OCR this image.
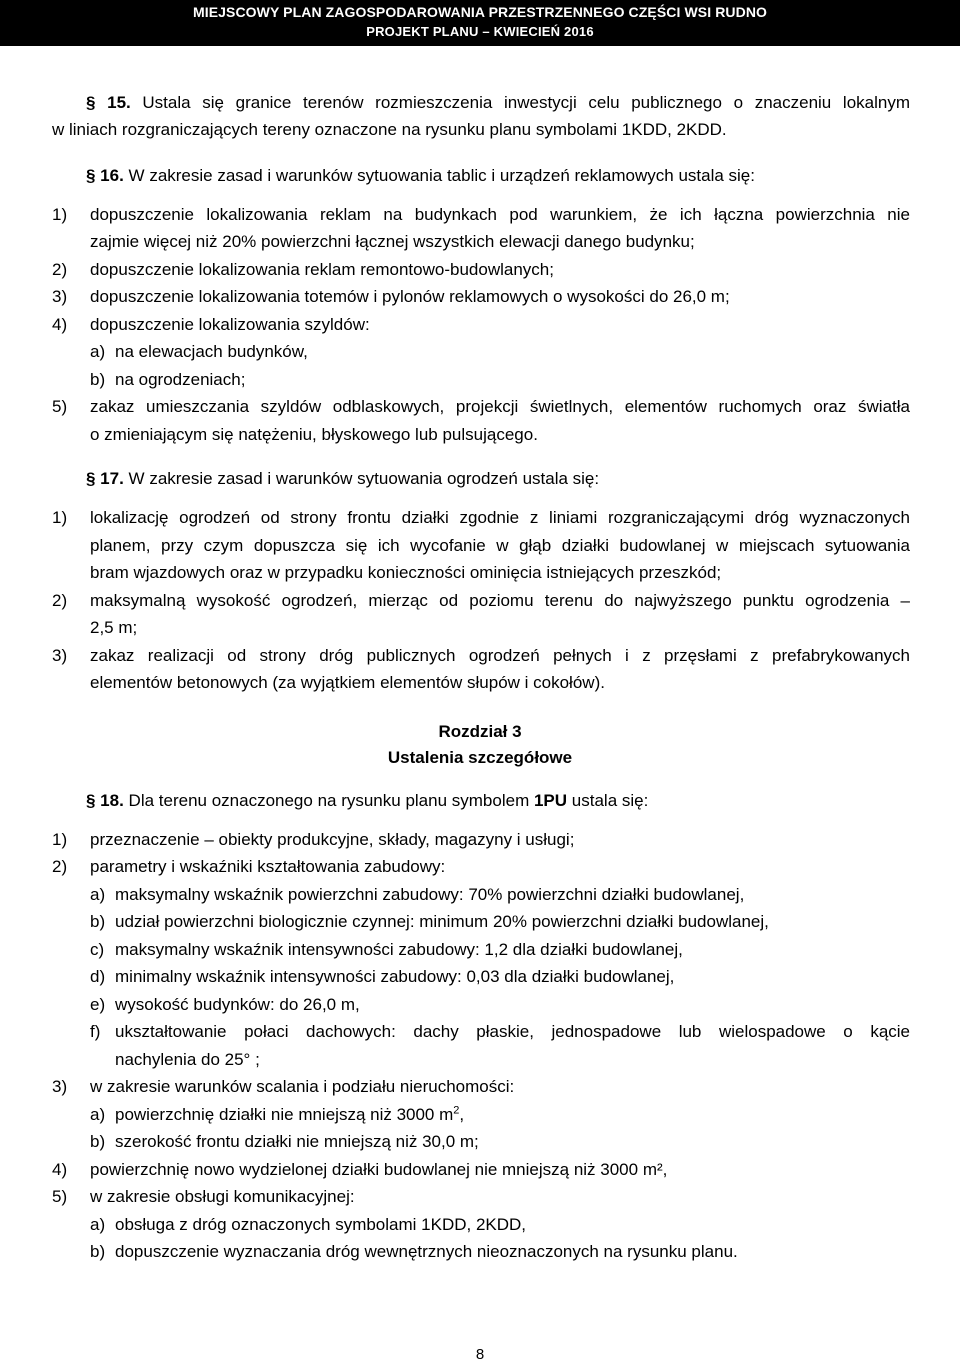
MIEJSCOWY PLAN ZAGOSPODAROWANIA PRZESTRZENNEGO CZĘŚCI WSI RUDNO
PROJEKT PLANU – KWIECIEŃ 2016
§ 15. Ustala się granice terenów rozmieszczenia inwestycji celu publicznego o znaczeniu lokalnym
w liniach rozgraniczających tereny oznaczone na rysunku planu symbolami 1KDD, 2KDD.
§ 16. W zakresie zasad i warunków sytuowania tablic i urządzeń reklamowych ustala się:
1) dopuszczenie lokalizowania reklam na budynkach pod warunkiem, że ich łączna powierzchnia nie
zajmie więcej niż 20% powierzchni łącznej wszystkich elewacji danego budynku;
2) dopuszczenie lokalizowania reklam remontowo-budowlanych;
3) dopuszczenie lokalizowania totemów i pylonów reklamowych o wysokości do 26,0 m;
4) dopuszczenie lokalizowania szyldów:
a) na elewacjach budynków,
b) na ogrodzeniach;
5) zakaz umieszczania szyldów odblaskowych, projekcji świetlnych, elementów ruchomych oraz światła
o zmieniającym się natężeniu, błyskowego lub pulsującego.
§ 17. W zakresie zasad i warunków sytuowania ogrodzeń ustala się:
1) lokalizację ogrodzeń od strony frontu działki zgodnie z liniami rozgraniczającymi dróg wyznaczonych
planem, przy czym dopuszcza się ich wycofanie w głąb działki budowlanej w miejscach sytuowania
bram wjazdowych oraz w przypadku konieczności ominięcia istniejących przeszkód;
2) maksymalną wysokość ogrodzeń, mierząc od poziomu terenu do najwyższego punktu ogrodzenia –
2,5 m;
3) zakaz realizacji od strony dróg publicznych ogrodzeń pełnych i z przęsłami z prefabrykowanych
elementów betonowych (za wyjątkiem elementów słupów i cokołów).
Rozdział 3
Ustalenia szczegółowe
§ 18. Dla terenu oznaczonego na rysunku planu symbolem 1PU ustala się:
1) przeznaczenie – obiekty produkcyjne, składy, magazyny i usługi;
2) parametry i wskaźniki kształtowania zabudowy:
a) maksymalny wskaźnik powierzchni zabudowy: 70% powierzchni działki budowlanej,
b) udział powierzchni biologicznie czynnej: minimum 20% powierzchni działki budowlanej,
c) maksymalny wskaźnik intensywności zabudowy: 1,2 dla działki budowlanej,
d) minimalny wskaźnik intensywności zabudowy: 0,03 dla działki budowlanej,
e) wysokość budynków: do 26,0 m,
f) ukształtowanie połaci dachowych: dachy płaskie, jednospadowe lub wielospadowe o kącie
nachylenia do 25° ;
3) w zakresie warunków scalania i podziału nieruchomości:
a) powierzchnię działki nie mniejszą niż 3000 $m^2$,
b) szerokość frontu działki nie mniejszą niż 30,0 m;
4) powierzchnię nowo wydzielonej działki budowlanej nie mniejszą niż 3000 m²,
5) w zakresie obsługi komunikacyjnej:
a) obsługa z dróg oznaczonych symbolami 1KDD, 2KDD,
b) dopuszczenie wyznaczania dróg wewnętrznych nieoznaczonych na rysunku planu.
8
